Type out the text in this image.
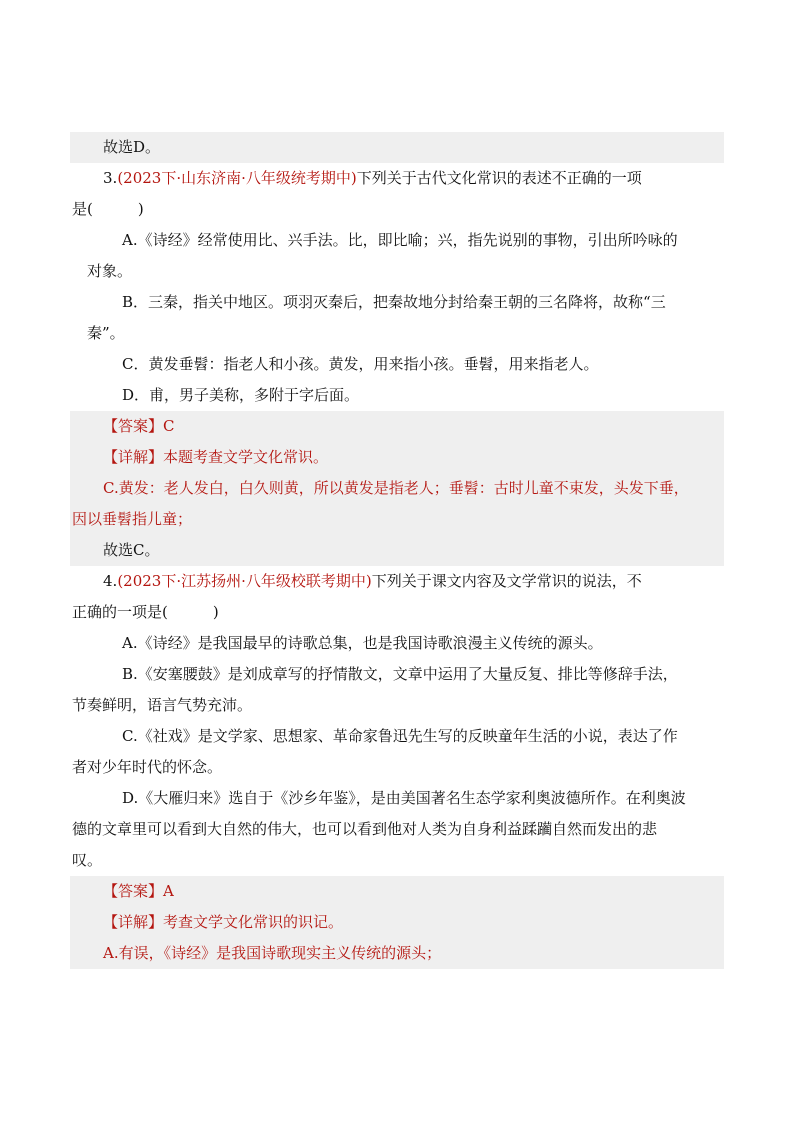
故选D。
3.(2023下·山东济南·八年级统考期中)下列关于古代文化常识的表述不正确的一项
是(　　　)
A.《诗经》经常使用比、兴手法。比，即比喻；兴，指先说别的事物，引出所吟咏的
对象。
B．三秦，指关中地区。项羽灭秦后，把秦故地分封给秦王朝的三名降将，故称“三
秦”。
C．黄发垂髫：指老人和小孩。黄发，用来指小孩。垂髫，用来指老人。
D．甫，男子美称，多附于字后面。
【答案】C
【详解】本题考查文学文化常识。
C.黄发：老人发白，白久则黄，所以黄发是指老人；垂髫：古时儿童不束发，头发下垂，
因以垂髫指儿童；
故选C。
4.(2023下·江苏扬州·八年级校联考期中)下列关于课文内容及文学常识的说法，不
正确的一项是(　　　)
A.《诗经》是我国最早的诗歌总集，也是我国诗歌浪漫主义传统的源头。
B.《安塞腰鼓》是刘成章写的抒情散文，文章中运用了大量反复、排比等修辞手法，
节奏鲜明，语言气势充沛。
C.《社戏》是文学家、思想家、革命家鲁迅先生写的反映童年生活的小说，表达了作
者对少年时代的怀念。
D.《大雁归来》选自于《沙乡年鉴》，是由美国著名生态学家利奥波德所作。在利奥波
德的文章里可以看到大自然的伟大，也可以看到他对人类为自身利益蹂躏自然而发出的悲
叹。
【答案】A
【详解】考查文学文化常识的识记。
A.有误，《诗经》是我国诗歌现实主义传统的源头；
